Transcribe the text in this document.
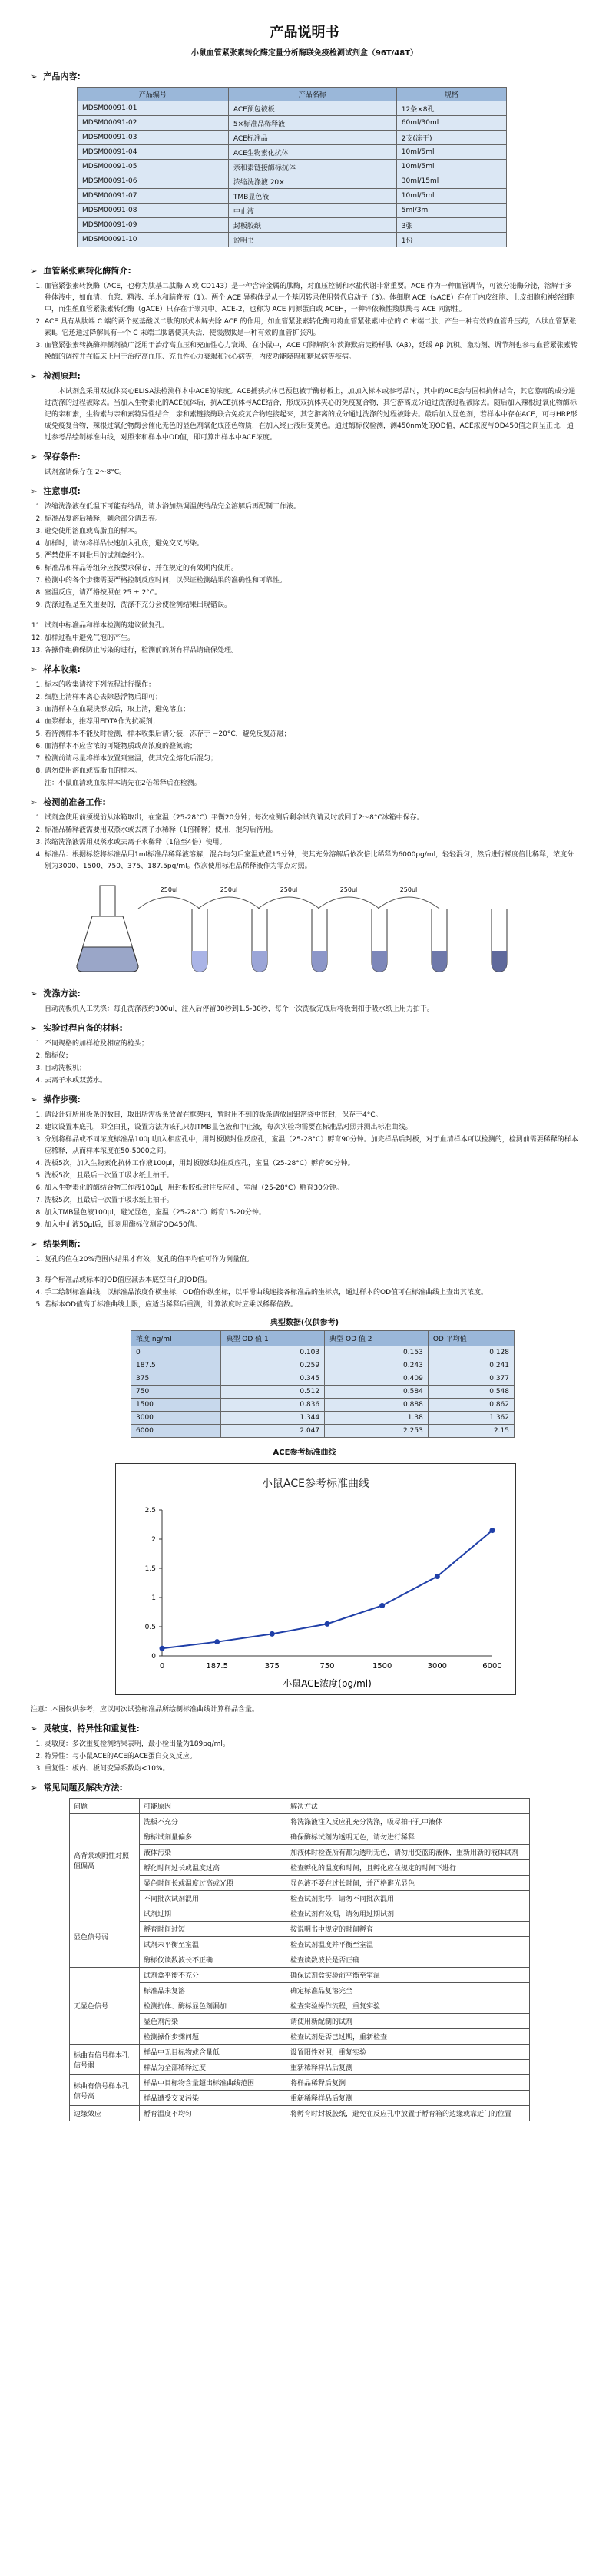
产品说明书
小鼠血管紧张素转化酶定量分析酶联免疫检测试剂盒（96T/48T）
➢ 产品内容:
产品编号	产品名称	规格
MDSM00091-01	ACE预包被板	12条×8孔
MDSM00091-02	5×标准品稀释液	60ml/30ml
MDSM00091-03	ACE标准品	2支(冻干)
MDSM00091-04	ACE生物素化抗体	10ml/5ml
MDSM00091-05	亲和素链接酶标抗体	10ml/5ml
MDSM00091-06	浓缩洗涤液 20×	30ml/15ml
MDSM00091-07	TMB显色液	10ml/5ml
MDSM00091-08	中止液	5ml/3ml
MDSM00091-09	封板胶纸	3张
MDSM00091-10	说明书	1份
➢ 血管紧张素转化酶简介:
1. 血管紧张素转换酶（ACE，也称为肽基二肽酶 A 或 CD143）是一种含锌金属的肽酶，对血压控制和水盐代谢非常重要。ACE 作为一种血管调节，可被分泌酶分泌，溶解于多种体液中，如血清、血浆、精液、羊水和脑脊液（1）。两个 ACE 异构体是从一个基因转录使用替代启动子（3）。体细胞 ACE（sACE）存在于内皮细胞、上皮细胞和神经细胞中，而生殖血管紧张素转化酶（gACE）只存在于睾丸中。ACE-2，也称为 ACE 同源蛋白或 ACEH，一种锌依赖性羧肽酶与 ACE 同源性。
2. ACE 具有从肽端 C 端的两个氨基酸以二肽的形式水解去除 ACE 的作用，如血管紧张素转化酶可将血管紧张素Ⅰ中位的 C 末端二肽，产生一种有效的血管升压药，八肽血管紧张素Ⅱ。它还通过降解具有一个 C 末端二肽谱使其失活，使缓激肽是一种有效的血管扩张剂。
3. 血管紧张素转换酶抑制剂被广泛用于治疗高血压和充血性心力衰竭。在小鼠中，ACE 可降解阿尔茨海默病淀粉样肽（Aβ），延缓 Aβ 沉积。激动剂、调节剂也参与血管紧张素转换酶的调控并在临床上用于治疗高血压、充血性心力衰竭和冠心病等，内皮功能障碍和糖尿病等疾病。
➢ 检测原理:

本试剂盒采用双抗体夹心ELISA法检测样本中ACE的浓度。ACE捕获抗体已预包被于酶标板上，加加入标本或参考品时，其中的ACE会与固相抗体结合，其它游离的成分通过洗涤的过程被除去。当加入生物素化的ACE抗体后，抗ACE抗体与ACE结合，形成双抗体夹心的免疫复合物，其它游离成分通过洗涤过程被除去。随后加入辣根过氧化物酶标记的亲和素，生物素与亲和素特异性结合，亲和素链接酶联合免疫复合物连接起来，其它游离的成分通过洗涤的过程被除去。最后加入显色剂，若样本中存在ACE，可与HRP形成免疫复合物，辣根过氧化物酶会催化无色的显色剂氧化成蓝色物质，在加入终止液后变黄色。通过酶标仪检测，测450nm处的OD值，ACE浓度与OD450值之间呈正比，通过参考品绘制标准曲线，对照来和样本中OD值，即可算出样本中ACE浓度。

➢ 保存条件:

试剂盒请保存在 2～8°C。

➢ 注意事项:
1. 浓缩洗涤液在低温下可能有结晶，请水浴加热调温使结晶完全溶解后再配制工作液。
2. 标准品复溶后稀释，剩余部分请丢弃。
3. 避免使用溶血或高脂血的样本。
4. 加样时，请勿将样品快速加入孔底，避免交叉污染。
5. 严禁使用不同批号的试剂盒组分。
6. 标准品和样品等组分应按要求保存，并在规定的有效期内使用。
7. 检测中的各个步骤需要严格控制反应时间，以保证检测结果的准确性和可靠性。
8. 室温反应，请严格按照在 25 ± 2°C。
9. 洗涤过程是至关重要的，洗涤不充分会使检测结果出现错误。
11. 试剂中标准品和样本检测的建议做复孔。
12. 加样过程中避免气泡的产生。
13. 各操作组确保防止污染的进行，检测前的所有样品请确保处理。
➢ 样本收集:
1. 标本的收集请按下列流程进行操作：
2. 细胞上清样本离心去除悬浮物后即可；
3. 血清样本在血凝块形成后，取上清，避免溶血；
4. 血浆样本，推荐用EDTA作为抗凝剂；
5. 若待测样本不能及时检测，样本收集后请分装，冻存于 −20°C，避免反复冻融；
6. 血清样本不应含浓的可疑物质或高浓度的叠氮钠；
7. 检测前请尽量将样本放置到室温，使其完全熔化后混匀；
8. 请勿使用溶血或高脂血的样本。

注：小鼠血清或血浆样本请先在2倍稀释后在检测。

➢ 检测前准备工作:
1. 试剂盒使用前须提前从冰箱取出，在室温（25-28°C）平衡20分钟；每次检测后剩余试剂请及时放回于2～8°C冰箱中保存。
2. 标准品稀释液需要用双蒸水或去离子水稀释（1倍稀释）使用，混匀后待用。
3. 浓缩洗涤液需用双蒸水或去离子水稀释（1倍至4倍）使用。
4. 标准品：根据标签将标准品用1ml标准品稀释液溶解，混合均匀后室温放置15分钟，使其充分溶解后依次倍比稀释为6000pg/ml，轻轻混匀，然后进行梯度倍比稀释，浓度分别为3000、1500、750、375、187.5pg/ml。依次使用标准品稀释液作为零点对照。
250ul	250ul	250ul	250ul	250ul
➢ 洗涤方法:

自动洗板机人工洗涤：每孔洗涤液约300ul，注入后停留30秒到1.5-30秒，每个一次洗板完成后将板倒扣于吸水纸上用力拍干。

➢ 实验过程自备的材料:
1. 不同规格的加样枪及相应的枪头；
2. 酶标仪；
3. 自动洗板机；
4. 去离子水或双蒸水。
➢ 操作步骤:
1. 请设计好所用板条的数目，取出所需板条放置在框架内，暂时用不到的板条请放回铝箔袋中密封，保存于4°C。
2. 建议设置本底孔，即空白孔，设置方法为该孔只加TMB显色液和中止液，每次实验均需要在标准品对照并测出标准曲线。
3. 分别将样品或不同浓度标准品100μl加入相应孔中，用封板膜封住反应孔，室温（25-28°C）孵育90分钟。加完样品后封板，对于血清样本可以检测的，检测前需要稀释的样本应稀释，从而样本浓度在50-5000之间。
4. 洗板5次，加入生物素化抗体工作液100μl，用封板胶纸封住反应孔，室温（25-28°C）孵育60分钟。
5. 洗板5次，且最后一次置于吸水纸上拍干。
6. 加入生物素化的酶结合物工作液100μl，用封板胶纸封住反应孔，室温（25-28°C）孵育30分钟。
7. 洗板5次，且最后一次置于吸水纸上拍干。
8. 加入TMB显色液100μl，避光显色，室温（25-28°C）孵育15-20分钟。
9. 加入中止液50μl后，即刻用酶标仪测定OD450值。
➢ 结果判断:
1. 复孔的值在20%范围内结果才有效，复孔的值平均值可作为测量值。
3. 每个标准品或标本的OD值应减去本底空白孔的OD值。
4. 手工绘制标准曲线，以标准品浓度作横坐标，OD值作纵坐标，以平滑曲线连接各标准品的坐标点，通过样本的OD值可在标准曲线上查出其浓度。
5. 若标本OD值高于标准曲线上限，应适当稀释后重测，计算浓度时应乘以稀释倍数。
典型数据(仅供参考)
浓度 ng/ml	典型 OD 值 1	典型 OD 值 2	OD 平均值
0	0.103	0.153	0.128
187.5	0.259	0.243	0.241
375	0.345	0.409	0.377
750	0.512	0.584	0.548
1500	0.836	0.888	0.862
3000	1.344	1.38	1.362
6000	2.047	2.253	2.15
ACE参考标准曲线
小鼠ACE参考标准曲线
0
0.5
1
1.5
2
2.5
0	187.5	375	750	1500	3000	6000
小鼠ACE浓度(pg/ml)

注意：本图仅供参考，应以同次试验标准品所绘制标准曲线计算样品含量。

➢ 灵敏度、特异性和重复性:
1. 灵敏度：多次重复检测结果表明，最小检出量为189pg/ml。
2. 特异性：与小鼠ACE的ACE的ACE蛋白交叉反应。
3. 重复性：板内、板间变异系数均<10%。
➢ 常见问题及解决方法:
问题	可能原因	解决方法
高背景或阴性对照值偏高	洗板不充分	将洗涤液注入反应孔充分洗涤，吸尽拍干孔中液体
	酶标试剂量偏多	确保酶标试剂为透明无色，请勿进行稀释
	液体污染	加液体时检查所有都为透明无色，请勿用变蓝的液体，重新用新的液体试剂
	孵化时间过长或温度过高	检查孵化的温度和时间，且孵化应在规定的时间下进行
	显色时间长或温度过高或光照	显色液不要在过长时间，并严格避光显色
	不同批次试剂混用	检查试剂批号，请勿不同批次混用
显色信号弱	试剂过期	检查试剂有效期，请勿用过期试剂
	孵育时间过短	按说明书中规定的时间孵育
	试剂未平衡至室温	检查试剂温度并平衡至室温
	酶标仪读数波长不正确	检查读数波长是否正确
无显色信号	试剂盒平衡不充分	确保试剂盒实验前平衡至室温
	标准品未复溶	确定标准品复溶完全
	检测抗体、酶标显色剂漏加	检查实验操作流程，重复实验
	显色剂污染	请使用新配制的试剂
	检测操作步骤问题	检查试剂是否已过期，重新检查
标曲有信号样本孔信号弱	样品中无目标物或含量低	设置阳性对照，重复实验
	样品为全部稀释过度	重新稀释样品后复测
标曲有信号样本孔信号高	样品中目标物含量超出标准曲线范围	将样品稀释后复测
	样品遭受交叉污染	重新稀释样品后复测
边缘效应	孵育温度不均匀	将孵育时封板胶纸，避免在反应孔中放置于孵育箱的边缘或靠近门的位置
